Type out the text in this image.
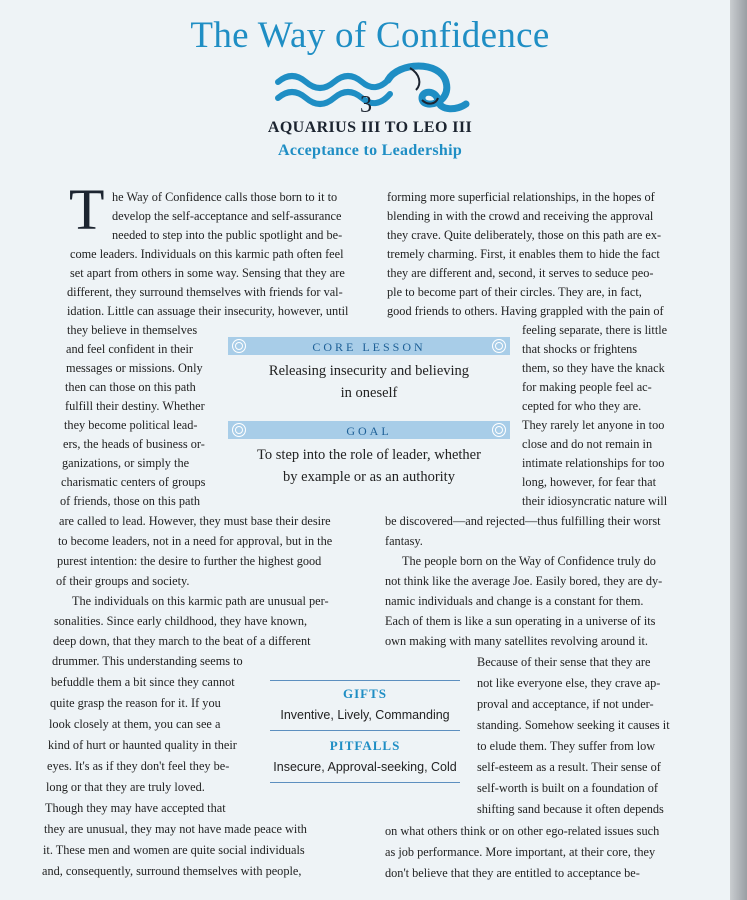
The Way of Confidence
3
AQUARIUS III TO LEO III
Acceptance to Leadership
T
CORE LESSON
Releasing insecurity and believing
in oneself
GOAL
To step into the role of leader, whether
by example or as an authority
GIFTS
Inventive, Lively, Commanding
PITFALLS
Insecure, Approval-seeking, Cold
he Way of Confidence calls those born to it to
develop the self-acceptance and self-assurance
needed to step into the public spotlight and be-
come leaders. Individuals on this karmic path often feel
set apart from others in some way. Sensing that they are
different, they surround themselves with friends for val-
idation. Little can assuage their insecurity, however, until
they believe in themselves
and feel confident in their
messages or missions. Only
then can those on this path
fulfill their destiny. Whether
they become political lead-
ers, the heads of business or-
ganizations, or simply the
charismatic centers of groups
of friends, those on this path
are called to lead. However, they must base their desire
to become leaders, not in a need for approval, but in the
purest intention: the desire to further the highest good
of their groups and society.
The individuals on this karmic path are unusual per-
sonalities. Since early childhood, they have known,
deep down, that they march to the beat of a different
drummer. This understanding seems to
befuddle them a bit since they cannot
quite grasp the reason for it. If you
look closely at them, you can see a
kind of hurt or haunted quality in their
eyes. It's as if they don't feel they be-
long or that they are truly loved.
Though they may have accepted that
they are unusual, they may not have made peace with
it. These men and women are quite social individuals
and, consequently, surround themselves with people,
forming more superficial relationships, in the hopes of
blending in with the crowd and receiving the approval
they crave. Quite deliberately, those on this path are ex-
tremely charming. First, it enables them to hide the fact
they are different and, second, it serves to seduce peo-
ple to become part of their circles. They are, in fact,
good friends to others. Having grappled with the pain of
feeling separate, there is little
that shocks or frightens
them, so they have the knack
for making people feel ac-
cepted for who they are.
They rarely let anyone in too
close and do not remain in
intimate relationships for too
long, however, for fear that
their idiosyncratic nature will
be discovered—and rejected—thus fulfilling their worst
fantasy.
The people born on the Way of Confidence truly do
not think like the average Joe. Easily bored, they are dy-
namic individuals and change is a constant for them.
Each of them is like a sun operating in a universe of its
own making with many satellites revolving around it.
Because of their sense that they are
not like everyone else, they crave ap-
proval and acceptance, if not under-
standing. Somehow seeking it causes it
to elude them. They suffer from low
self-esteem as a result. Their sense of
self-worth is built on a foundation of
shifting sand because it often depends
on what others think or on other ego-related issues such
as job performance. More important, at their core, they
don't believe that they are entitled to acceptance be-
